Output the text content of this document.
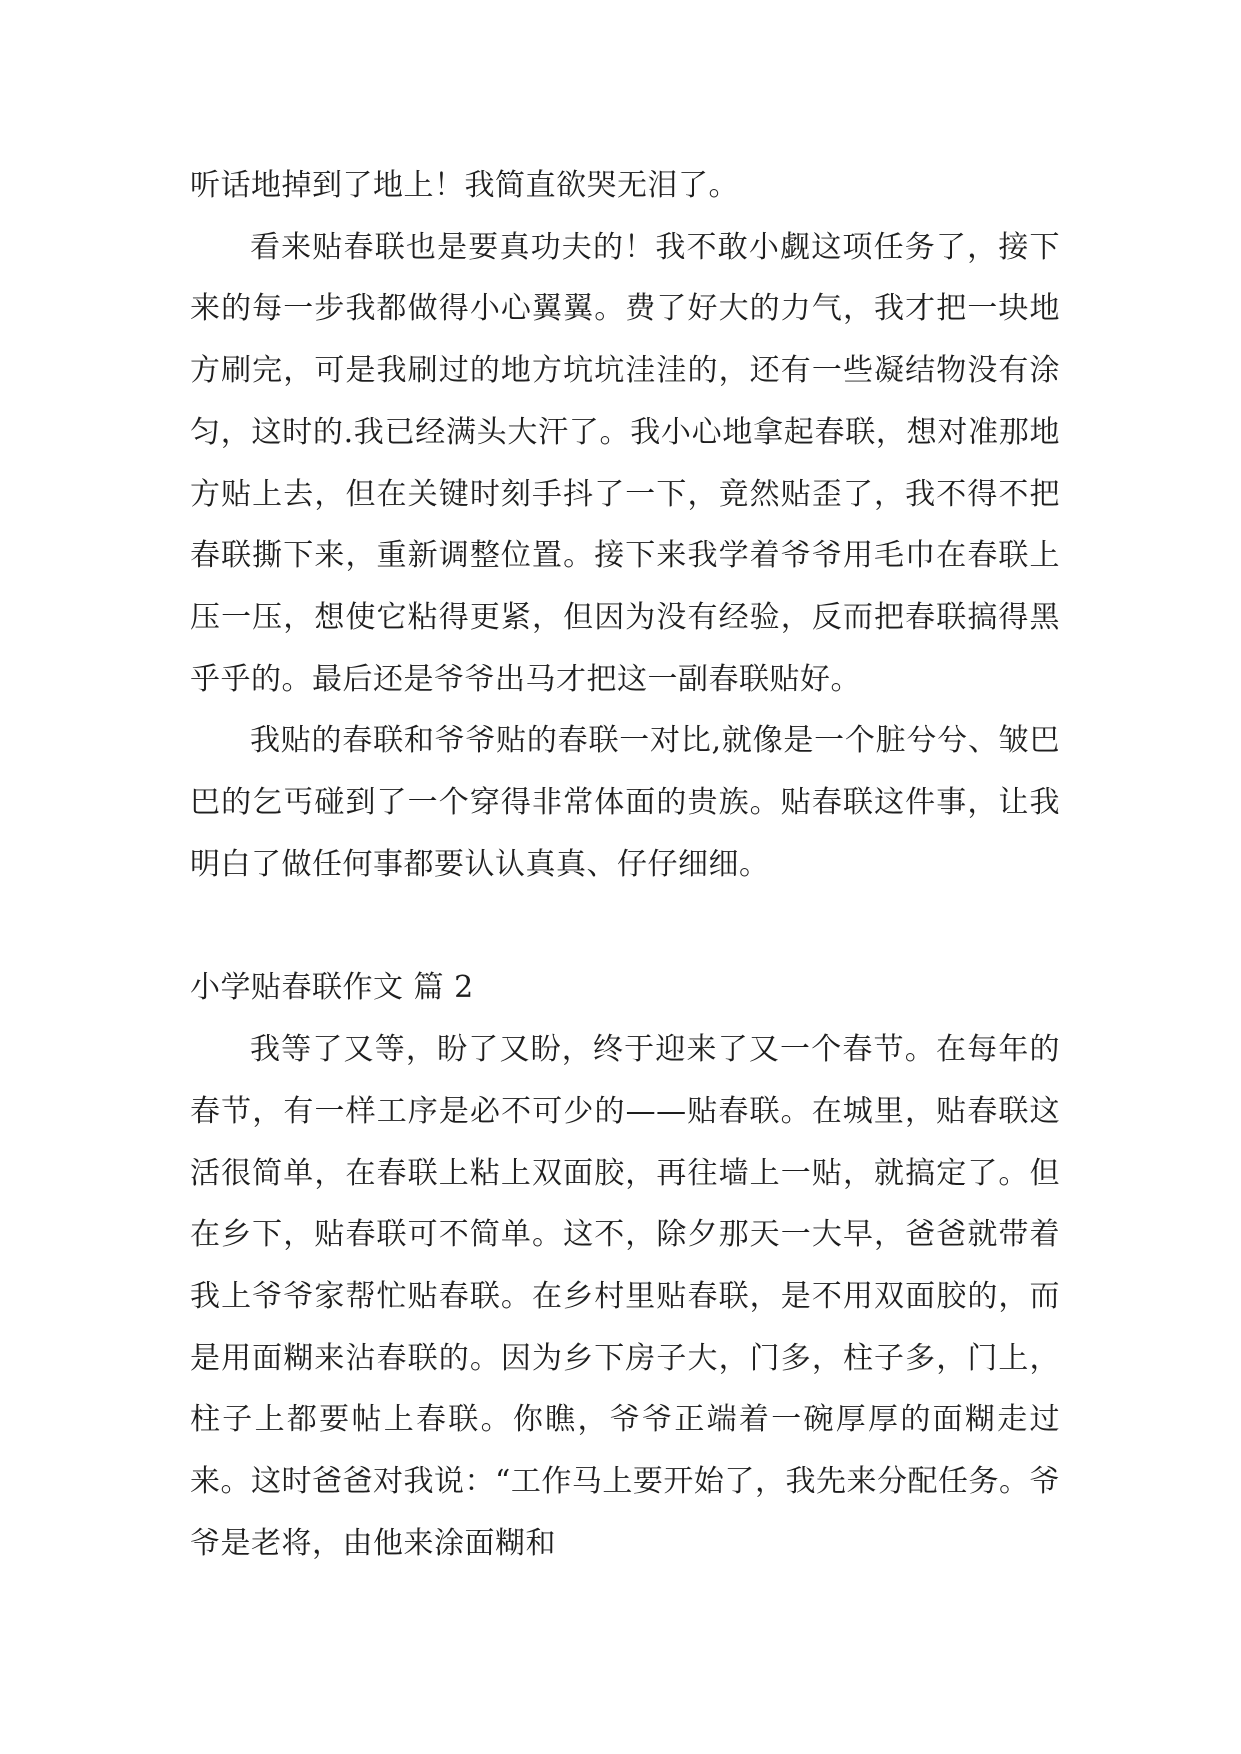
听话地掉到了地上！我简直欲哭无泪了。

看来贴春联也是要真功夫的！我不敢小觑这项任务了，接下来的每一步我都做得小心翼翼。费了好大的力气，我才把一块地方刷完，可是我刷过的地方坑坑洼洼的，还有一些凝结物没有涂匀，这时的.我已经满头大汗了。我小心地拿起春联，想对准那地方贴上去，但在关键时刻手抖了一下，竟然贴歪了，我不得不把春联撕下来，重新调整位置。接下来我学着爷爷用毛巾在春联上压一压，想使它粘得更紧，但因为没有经验，反而把春联搞得黑乎乎的。最后还是爷爷出马才把这一副春联贴好。

我贴的春联和爷爷贴的春联一对比,就像是一个脏兮兮、皱巴巴的乞丐碰到了一个穿得非常体面的贵族。贴春联这件事，让我明白了做任何事都要认认真真、仔仔细细。

小学贴春联作文 篇 2

我等了又等，盼了又盼，终于迎来了又一个春节。在每年的春节，有一样工序是必不可少的——贴春联。在城里，贴春联这活很简单，在春联上粘上双面胶，再往墙上一贴，就搞定了。但在乡下，贴春联可不简单。这不，除夕那天一大早，爸爸就带着我上爷爷家帮忙贴春联。在乡村里贴春联，是不用双面胶的，而是用面糊来沾春联的。因为乡下房子大，门多，柱子多，门上，柱子上都要帖上春联。你瞧，爷爷正端着一碗厚厚的面糊走过来。这时爸爸对我说：“工作马上要开始了，我先来分配任务。爷爷是老将，由他来涂面糊和
